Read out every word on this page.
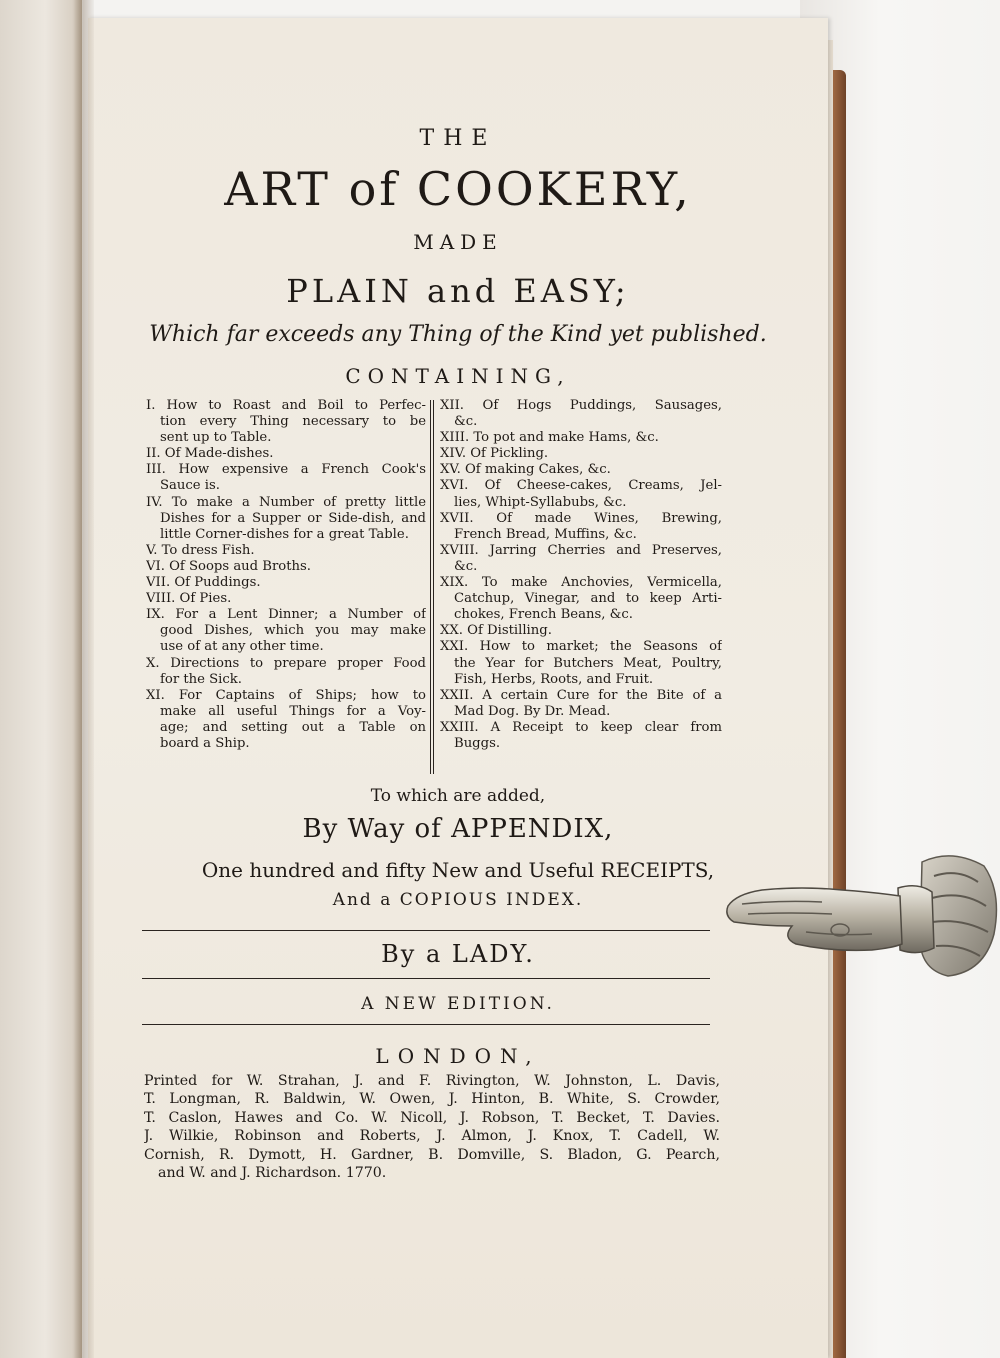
THE
ART of COOKERY,
MADE
PLAIN and EASY;
Which far exceeds any Thing of the Kind yet published.
CONTAINING,
I. How to Roast and Boil to Perfec-
tion every Thing necessary to be
sent up to Table.
II. Of Made-dishes.
III. How expensive a French Cook's
Sauce is.
IV. To make a Number of pretty little
Dishes for a Supper or Side-dish, and
little Corner-dishes for a great Table.
V. To dress Fish.
VI. Of Soops aud Broths.
VII. Of Puddings.
VIII. Of Pies.
IX. For a Lent Dinner; a Number of
good Dishes, which you may make
use of at any other time.
X. Directions to prepare proper Food
for the Sick.
XI. For Captains of Ships; how to
make all useful Things for a Voy-
age; and setting out a Table on
board a Ship.
XII. Of Hogs Puddings, Sausages,
&c.
XIII. To pot and make Hams, &c.
XIV. Of Pickling.
XV. Of making Cakes, &c.
XVI. Of Cheese-cakes, Creams, Jel-
lies, Whipt-Syllabubs, &c.
XVII. Of made Wines, Brewing,
French Bread, Muffins, &c.
XVIII. Jarring Cherries and Preserves,
&c.
XIX. To make Anchovies, Vermicella,
Catchup, Vinegar, and to keep Arti-
chokes, French Beans, &c.
XX. Of Distilling.
XXI. How to market; the Seasons of
the Year for Butchers Meat, Poultry,
Fish, Herbs, Roots, and Fruit.
XXII. A certain Cure for the Bite of a
Mad Dog. By Dr. Mead.
XXIII. A Receipt to keep clear from
Buggs.
To which are added,
By Way of APPENDIX,
One hundred and fifty New and Useful RECEIPTS,
And a COPIOUS INDEX.
By a LADY.
A NEW EDITION.
LONDON,
Printed for W. Strahan, J. and F. Rivington, W. Johnston, L. Davis,
T. Longman, R. Baldwin, W. Owen, J. Hinton, B. White, S. Crowder,
T. Caslon, Hawes and Co. W. Nicoll, J. Robson, T. Becket, T. Davies.
J. Wilkie, Robinson and Roberts, J. Almon, J. Knox, T. Cadell, W.
Cornish, R. Dymott, H. Gardner, B. Domville, S. Bladon, G. Pearch,
and W. and J. Richardson. 1770.
